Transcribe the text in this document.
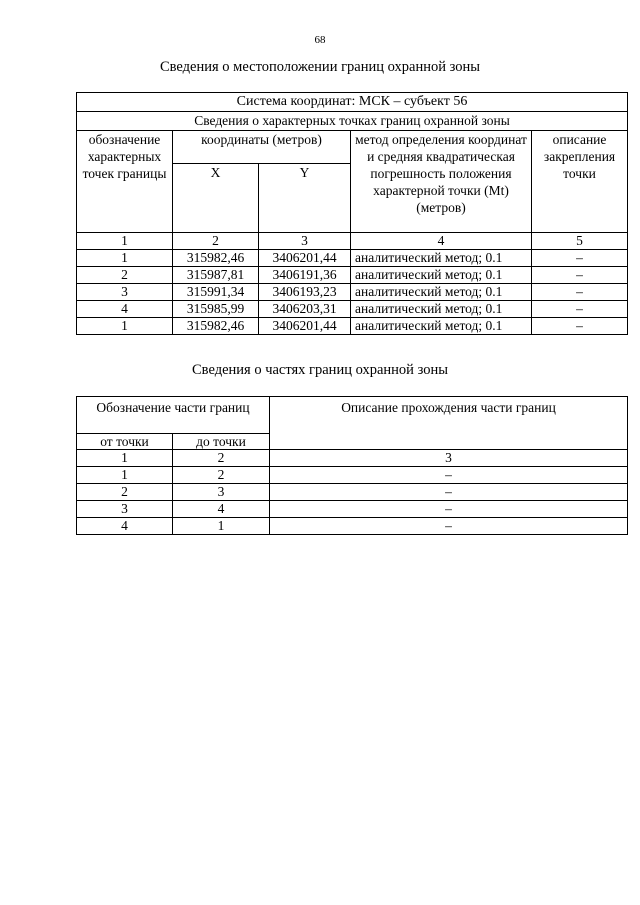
68
Сведения о местоположении границ охранной зоны
Система координат: МСК – субъект 56				
Сведения о характерных точках границ охранной зоны				
обозначение характерных точек границы	координаты (метров)		метод определения координат и средняя квадратическая погрешность положения характерной точки (Mt) (метров)	описание закрепления точки
	X	Y		
1	2	3	4	5
1	315982,46	3406201,44	аналитический метод; 0.1	–
2	315987,81	3406191,36	аналитический метод; 0.1	–
3	315991,34	3406193,23	аналитический метод; 0.1	–
4	315985,99	3406203,31	аналитический метод; 0.1	–
1	315982,46	3406201,44	аналитический метод; 0.1	–
Сведения о частях границ охранной зоны
Обозначение части границ		Описание прохождения части границ
от точки	до точки	
1	2	3
1	2	–
2	3	–
3	4	–
4	1	–
